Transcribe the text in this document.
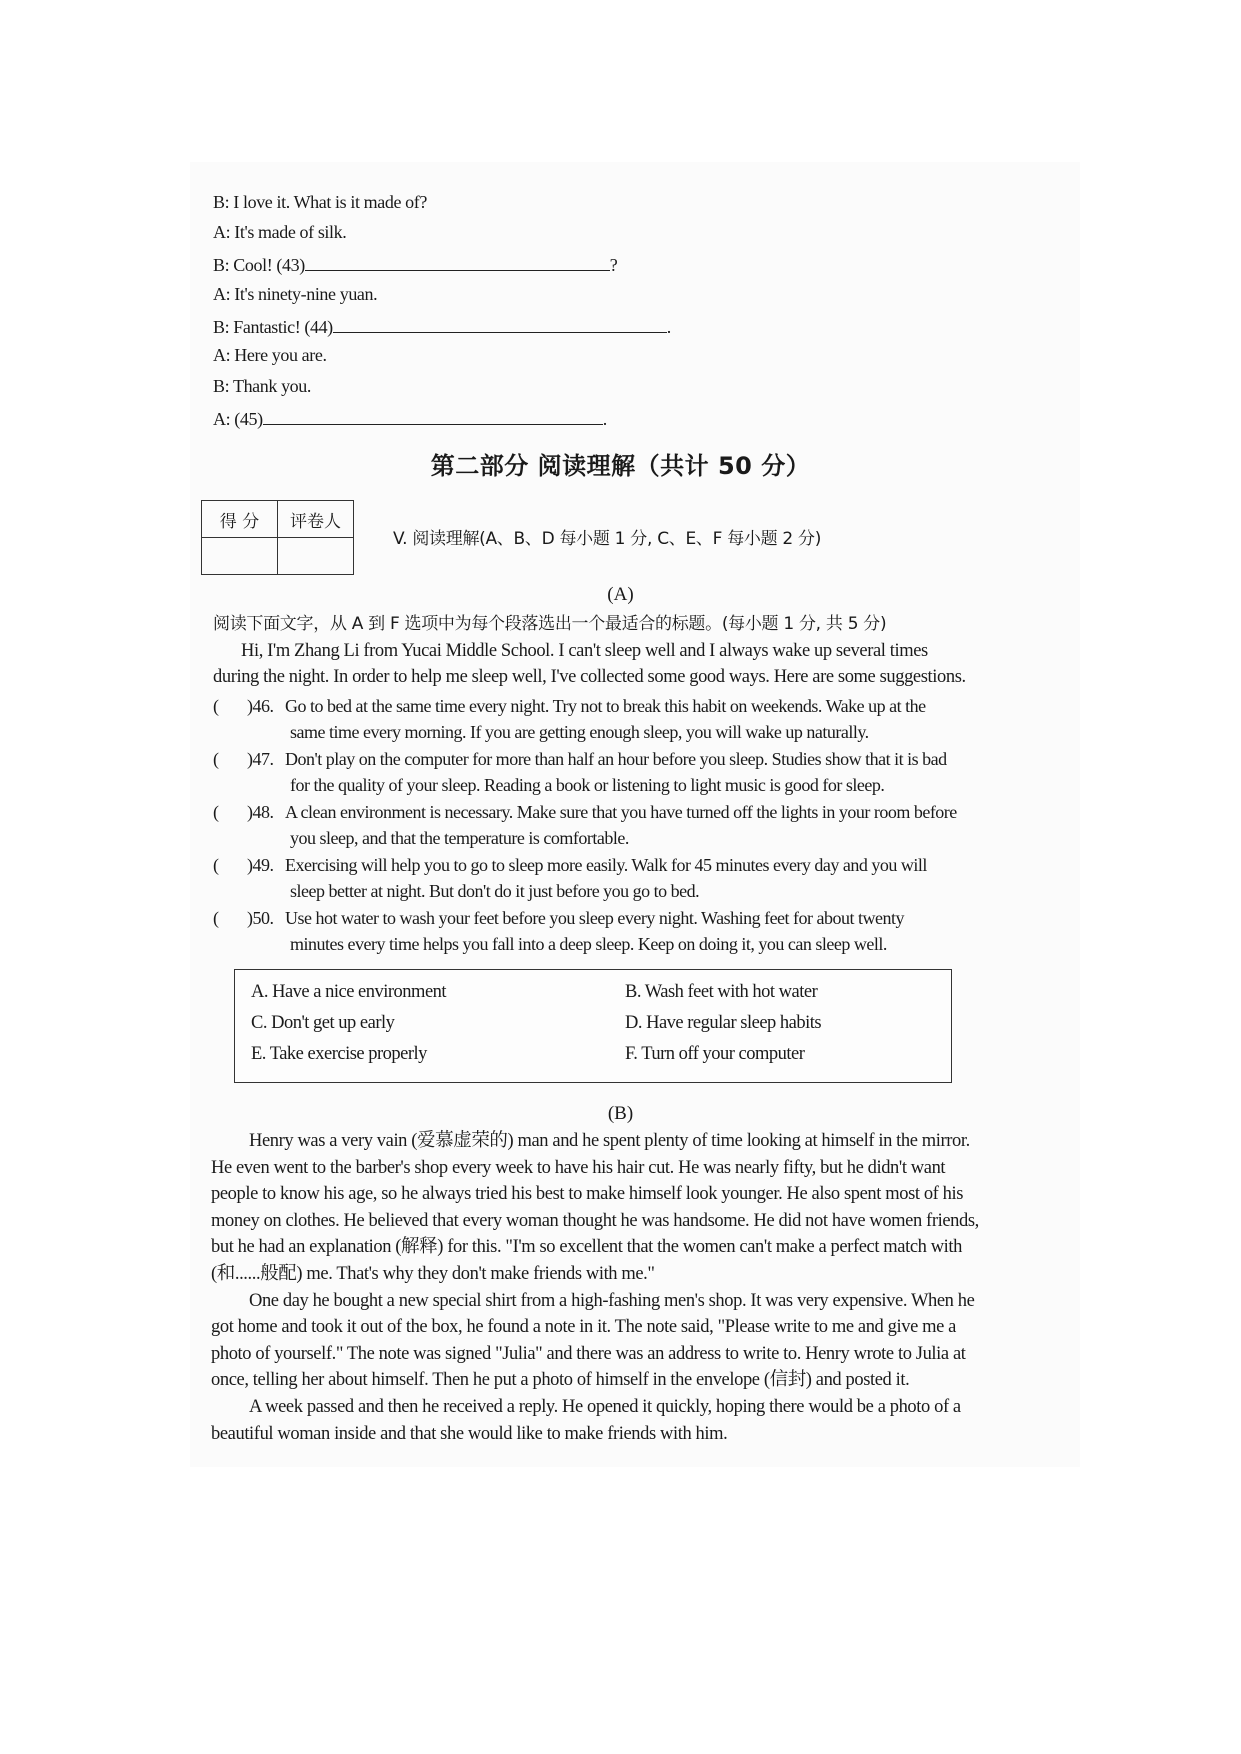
B: I love it. What is it made of?
A: It's made of silk.
B: Cool! (43)	?
A: It's ninety-nine yuan.
B: Fantastic! (44)	.
A: Here you are.
B: Thank you.
A: (45)	.
第二部分 阅读理解（共计 50 分）
得 分	评卷人

V. 阅读理解(A、B、D 每小题 1 分, C、E、F 每小题 2 分)
(A)
阅读下面文字，从 A 到 F 选项中为每个段落选出一个最适合的标题。(每小题 1 分, 共 5 分)
Hi, I'm Zhang Li from Yucai Middle School. I can't sleep well and I always wake up several times
during the night. In order to help me sleep well, I've collected some good ways. Here are some suggestions.
( )46. Go to bed at the same time every night. Try not to break this habit on weekends. Wake up at the
same time every morning. If you are getting enough sleep, you will wake up naturally.
( )47. Don't play on the computer for more than half an hour before you sleep. Studies show that it is bad
for the quality of your sleep. Reading a book or listening to light music is good for sleep.
( )48. A clean environment is necessary. Make sure that you have turned off the lights in your room before
you sleep, and that the temperature is comfortable.
( )49. Exercising will help you to go to sleep more easily. Walk for 45 minutes every day and you will
sleep better at night. But don't do it just before you go to bed.
( )50. Use hot water to wash your feet before you sleep every night. Washing feet for about twenty
minutes every time helps you fall into a deep sleep. Keep on doing it, you can sleep well.
A. Have a nice environment	B. Wash feet with hot water
C. Don't get up early	D. Have regular sleep habits
E. Take exercise properly	F. Turn off your computer
(B)
Henry was a very vain (爱慕虚荣的) man and he spent plenty of time looking at himself in the mirror.
He even went to the barber's shop every week to have his hair cut. He was nearly fifty, but he didn't want
people to know his age, so he always tried his best to make himself look younger. He also spent most of his
money on clothes. He believed that every woman thought he was handsome. He did not have women friends,
but he had an explanation (解释) for this. "I'm so excellent that the women can't make a perfect match with
(和......般配) me. That's why they don't make friends with me."
One day he bought a new special shirt from a high-fashing men's shop. It was very expensive. When he
got home and took it out of the box, he found a note in it. The note said, "Please write to me and give me a
photo of yourself." The note was signed "Julia" and there was an address to write to. Henry wrote to Julia at
once, telling her about himself. Then he put a photo of himself in the envelope (信封) and posted it.
A week passed and then he received a reply. He opened it quickly, hoping there would be a photo of a
beautiful woman inside and that she would like to make friends with him.
